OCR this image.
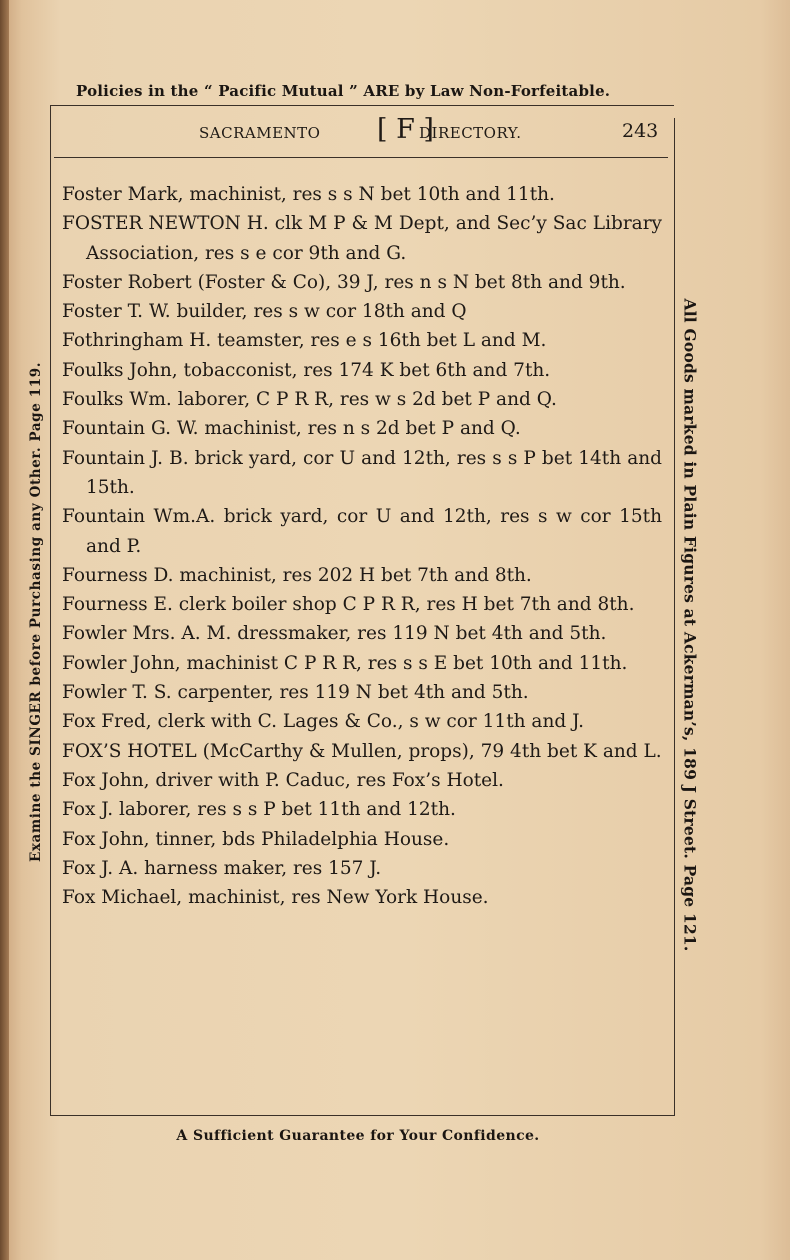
Policies in the “ Pacific Mutual ” ARE by Law Non-Forfeitable.
Examine the SINGER before Purchasing any Other. Page 119.	All Goods marked in Plain Figures at Ackerman’s, 189 J Street. Page 121.
SACRAMENTO [ F ]
DIRECTORY.	243
Foster Mark, machinist, res s s N bet 10th and 11th.
FOSTER NEWTON H. clk M P & M Dept, and Sec’y Sac Library Association, res s e cor 9th and G.
Foster Robert (Foster & Co), 39 J, res n s N bet 8th and 9th.
Foster T. W. builder, res s w cor 18th and Q
Fothringham H. teamster, res e s 16th bet L and M.
Foulks John, tobacconist, res 174 K bet 6th and 7th.
Foulks Wm. laborer, C P R R, res w s 2d bet P and Q.
Fountain G. W. machinist, res n s 2d bet P and Q.
Fountain J. B. brick yard, cor U and 12th, res s s P bet 14th and 15th.
Fountain Wm.A. brick yard, cor U and 12th, res s w cor 15th and P.
Fourness D. machinist, res 202 H bet 7th and 8th.
Fourness E. clerk boiler shop C P R R, res H bet 7th and 8th.
Fowler Mrs. A. M. dressmaker, res 119 N bet 4th and 5th.
Fowler John, machinist C P R R, res s s E bet 10th and 11th.
Fowler T. S. carpenter, res 119 N bet 4th and 5th.
Fox Fred, clerk with C. Lages & Co., s w cor 11th and J.
FOX’S HOTEL (McCarthy & Mullen, props), 79 4th bet K and L.
Fox John, driver with P. Caduc, res Fox’s Hotel.
Fox J. laborer, res s s P bet 11th and 12th.
Fox John, tinner, bds Philadelphia House.
Fox J. A. harness maker, res 157 J.
Fox Michael, machinist, res New York House.
A Sufficient Guarantee for Your Confidence.
